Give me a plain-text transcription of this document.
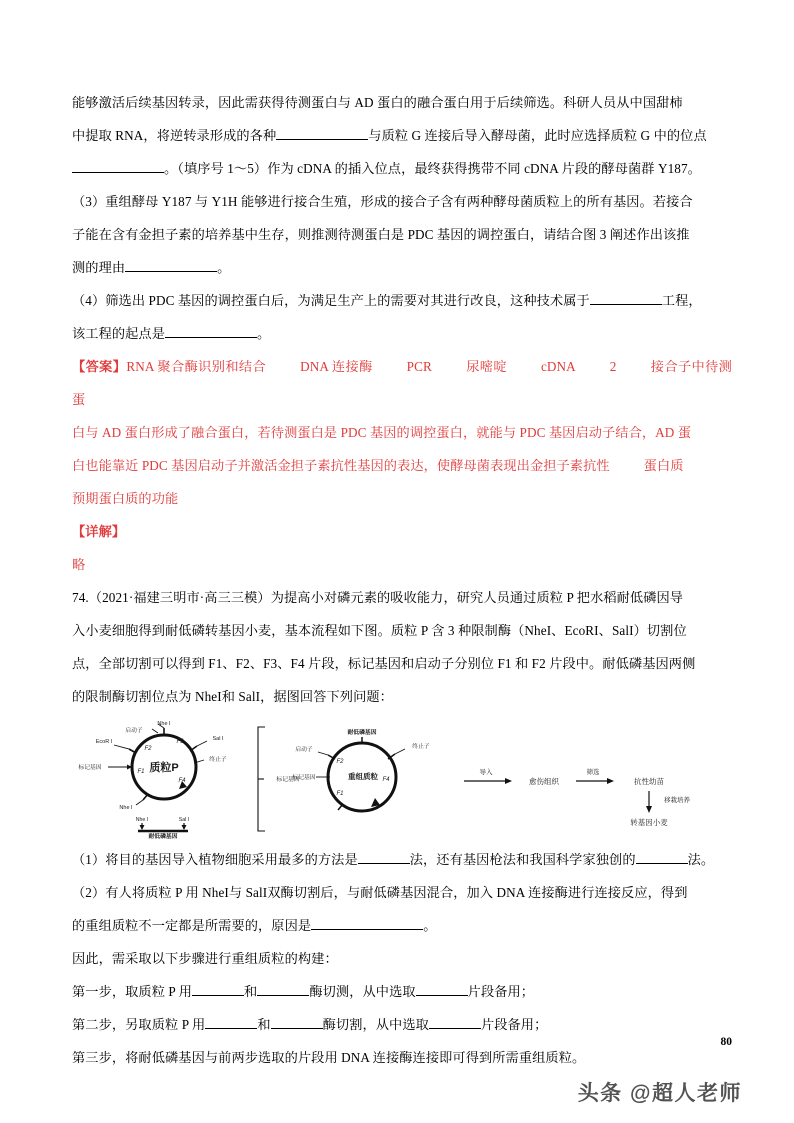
能够激活后续基因转录，因此需获得待测蛋白与 AD 蛋白的融合蛋白用于后续筛选。科研人员从中国甜柿

中提取 RNA，将逆转录形成的各种	与质粒 G 连接后导入酵母菌，此时应选择质粒 G 中的位点

。（填序号 1～5）作为 cDNA 的插入位点，最终获得携带不同 cDNA 片段的酵母菌群 Y187。

（3）重组酵母 Y187 与 Y1H 能够进行接合生殖，形成的接合子含有两种酵母菌质粒上的所有基因。若接合

子能在含有金担子素的培养基中生存，则推测待测蛋白是 PDC 基因的调控蛋白，请结合图 3 阐述作出该推

测的理由	。

（4）筛选出 PDC 基因的调控蛋白后，为满足生产上的需要对其进行改良，这种技术属于	工程，

该工程的起点是	。

【答案】RNA 聚合酶识别和结合	DNA 连接酶	PCR	尿嘧啶	cDNA	2	接合子中待测蛋

白与 AD 蛋白形成了融合蛋白，若待测蛋白是 PDC 基因的调控蛋白，就能与 PDC 基因启动子结合，AD 蛋

白也能靠近 PDC 基因启动子并激活金担子素抗性基因的表达，使酵母菌表现出金担子素抗性	蛋白质

预期蛋白质的功能

【详解】

略

74.（2021·福建三明市·高三三模）为提高小对磷元素的吸收能力，研究人员通过质粒 P 把水稻耐低磷因导

入小麦细胞得到耐低磷转基因小麦，基本流程如下图。质粒 P 含 3 种限制酶（NheI、EcoRI、SalI）切割位

点，全部切割可以得到 F1、F2、F3、F4 片段，标记基因和启动子分别位 F1 和 F2 片段中。耐低磷基因两侧

的限制酶切割位点为 NheI和 SalI，据图回答下列问题：

Nhe I
启动子
EcoR I
标记基因
F1
F2
F3
F4
Sal I
终止子
Nhe I
质粒P
Nhe I	Sal I
耐低磷基因
标记基因
耐低磷基因
启动子	终止子
标记基因
F1
F2
F4
重组质粒	导入
愈伤组织
筛选
抗性幼苗
移栽培养
转基因小麦

（1）将目的基因导入植物细胞采用最多的方法是	法，还有基因枪法和我国科学家独创的	法。

（2）有人将质粒 P 用 NheI与 SalI双酶切割后，与耐低磷基因混合，加入 DNA 连接酶进行连接反应，得到

的重组质粒不一定都是所需要的，原因是	。

因此，需采取以下步骤进行重组质粒的构建：

第一步，取质粒 P 用	和	酶切测，从中选取	片段备用；

第二步，另取质粒 P 用	和	酶切割，从中选取	片段备用；

第三步，将耐低磷基因与前两步选取的片段用 DNA 连接酶连接即可得到所需重组质粒。

80
头条 @超人老师
